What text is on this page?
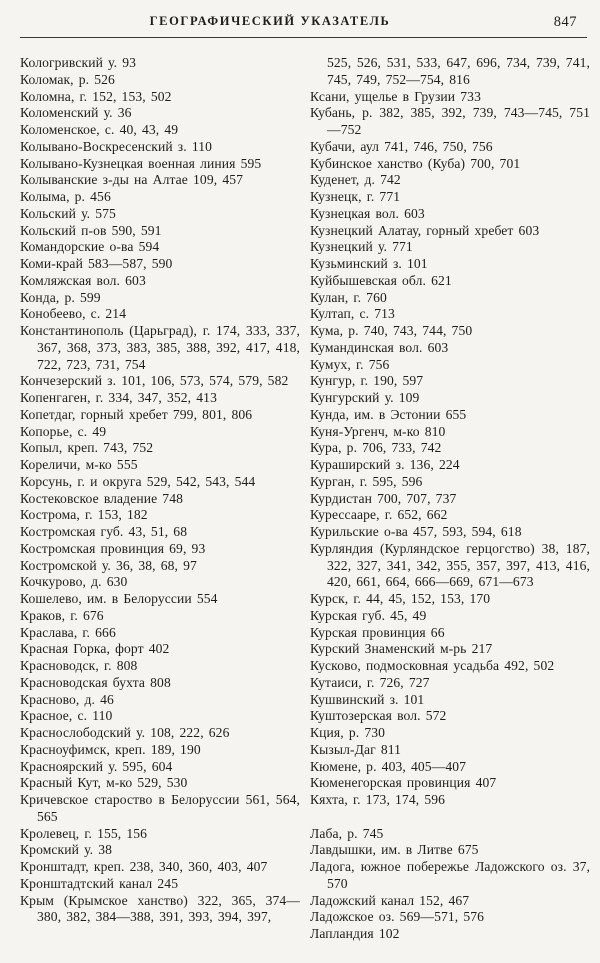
ГЕОГРАФИЧЕСКИЙ УКАЗАТЕЛЬ	847

Кологривский у. 93

Коломак, р. 526

Коломна, г. 152, 153, 502

Коломенский у. 36

Коломенское, с. 40, 43, 49

Колывано-Воскресенский з. 110

Колывано-Кузнецкая военная линия 595

Колыванские з-ды на Алтае 109, 457

Колыма, р. 456

Кольский у. 575

Кольский п-ов 590, 591

Командорские о-ва 594

Коми-край 583—587, 590

Комляжская вол. 603

Конда, р. 599

Конобеево, с. 214

Константинополь (Царьград), г. 174, 333, 337, 367, 368, 373, 383, 385, 388, 392, 417, 418, 722, 723, 731, 754

Кончезерский з. 101, 106, 573, 574, 579, 582

Копенгаген, г. 334, 347, 352, 413

Копетдаг, горный хребет 799, 801, 806

Копорье, с. 49

Копыл, креп. 743, 752

Кореличи, м-ко 555

Корсунь, г. и округа 529, 542, 543, 544

Костековское владение 748

Кострома, г. 153, 182

Костромская губ. 43, 51, 68

Костромская провинция 69, 93

Костромской у. 36, 38, 68, 97

Кочкурово, д. 630

Кошелево, им. в Белоруссии 554

Краков, г. 676

Краслава, г. 666

Красная Горка, форт 402

Красноводск, г. 808

Красноводская бухта 808

Красново, д. 46

Красное, с. 110

Краснослободский у. 108, 222, 626

Красноуфимск, креп. 189, 190

Красноярский у. 595, 604

Красный Кут, м-ко 529, 530

Кричевское староство в Белоруссии 561, 564, 565

Кролевец, г. 155, 156

Кромский у. 38

Кронштадт, креп. 238, 340, 360, 403, 407

Кронштадтский канал 245

Крым (Крымское ханство) 322, 365, 374— 380, 382, 384—388, 391, 393, 394, 397,

525, 526, 531, 533, 647, 696, 734, 739, 741, 745, 749, 752—754, 816

Ксани, ущелье в Грузии 733

Кубань, р. 382, 385, 392, 739, 743—745, 751—752

Кубачи, аул 741, 746, 750, 756

Кубинское ханство (Куба) 700, 701

Куденет, д. 742

Кузнецк, г. 771

Кузнецкая вол. 603

Кузнецкий Алатау, горный хребет 603

Кузнецкий у. 771

Кузьминский з. 101

Куйбышевская обл. 621

Кулан, г. 760

Култап, с. 713

Кума, р. 740, 743, 744, 750

Кумандинская вол. 603

Кумух, г. 756

Кунгур, г. 190, 597

Кунгурский у. 109

Кунда, им. в Эстонии 655

Куня-Ургенч, м-ко 810

Кура, р. 706, 733, 742

Кураширский з. 136, 224

Курган, г. 595, 596

Курдистан 700, 707, 737

Курессааре, г. 652, 662

Курильские о-ва 457, 593, 594, 618

Курляндия (Курляндское герцогство) 38, 187, 322, 327, 341, 342, 355, 357, 397, 413, 416, 420, 661, 664, 666—669, 671—673

Курск, г. 44, 45, 152, 153, 170

Курская губ. 45, 49

Курская провинция 66

Курский Знаменский м-рь 217

Кусково, подмосковная усадьба 492, 502

Кутаиси, г. 726, 727

Кушвинский з. 101

Куштозерская вол. 572

Кция, р. 730

Кызыл-Даг 811

Кюмене, р. 403, 405—407

Кюменегорская провинция 407

Кяхта, г. 173, 174, 596

Лаба, р. 745

Лавдышки, им. в Литве 675

Ладога, южное побережье Ладожского оз. 37, 570

Ладожский канал 152, 467

Ладожское оз. 569—571, 576

Лапландия 102
